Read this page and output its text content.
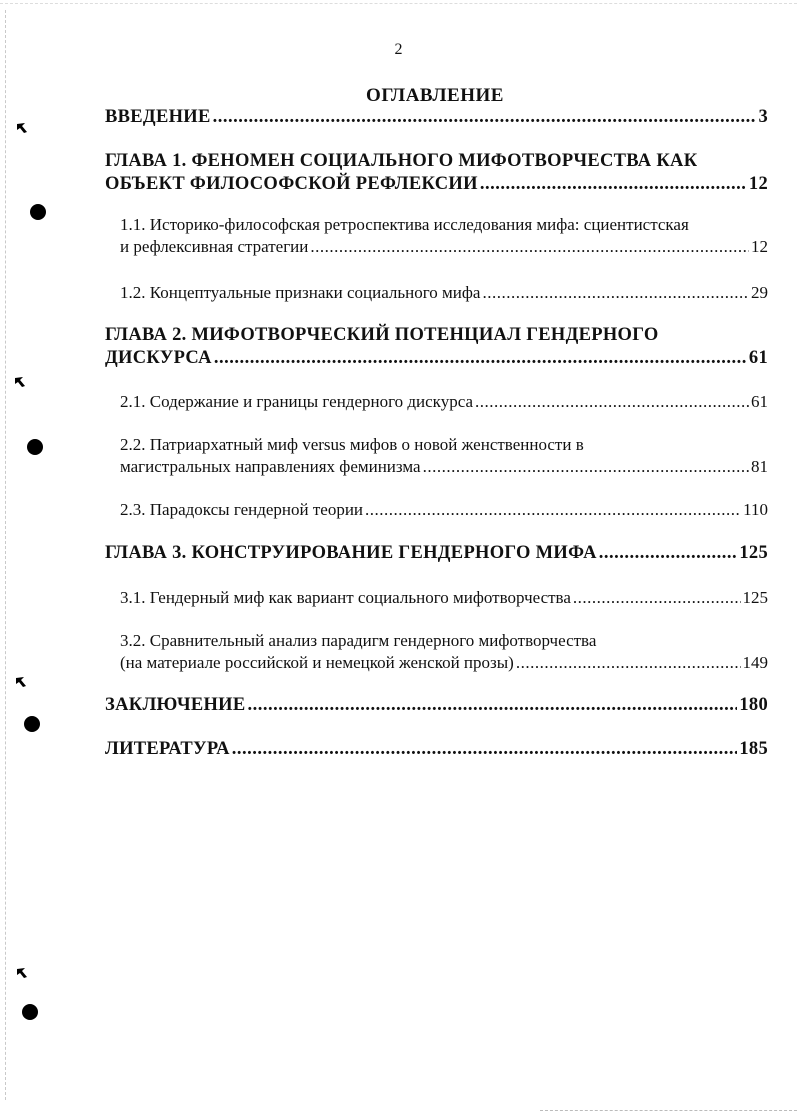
2
ОГЛАВЛЕНИЕ
ВВЕДЕНИЕ .....	3
ГЛАВА 1. ФЕНОМЕН СОЦИАЛЬНОГО МИФОТВОРЧЕСТВА КАК
ОБЪЕКТ ФИЛОСОФСКОЙ РЕФЛЕКСИИ .....	12
1.1. Историко-философская ретроспектива исследования мифа: сциентистская
и рефлексивная стратегии .....	12
1.2. Концептуальные признаки социального мифа .....	29
ГЛАВА 2. МИФОТВОРЧЕСКИЙ ПОТЕНЦИАЛ ГЕНДЕРНОГО
ДИСКУРСА .....	61
2.1. Содержание и границы гендерного дискурса .....	61
2.2. Патриархатный миф versus мифов о новой женственности в
магистральных направлениях феминизма .....	81
2.3. Парадоксы гендерной теории .....	110
ГЛАВА 3. КОНСТРУИРОВАНИЕ ГЕНДЕРНОГО МИФА .....	125
3.1. Гендерный миф как вариант социального мифотворчества .....	125
3.2. Сравнительный анализ парадигм гендерного мифотворчества
(на материале российской и немецкой женской прозы) .....	149
ЗАКЛЮЧЕНИЕ .....	180
ЛИТЕРАТУРА .....	185
